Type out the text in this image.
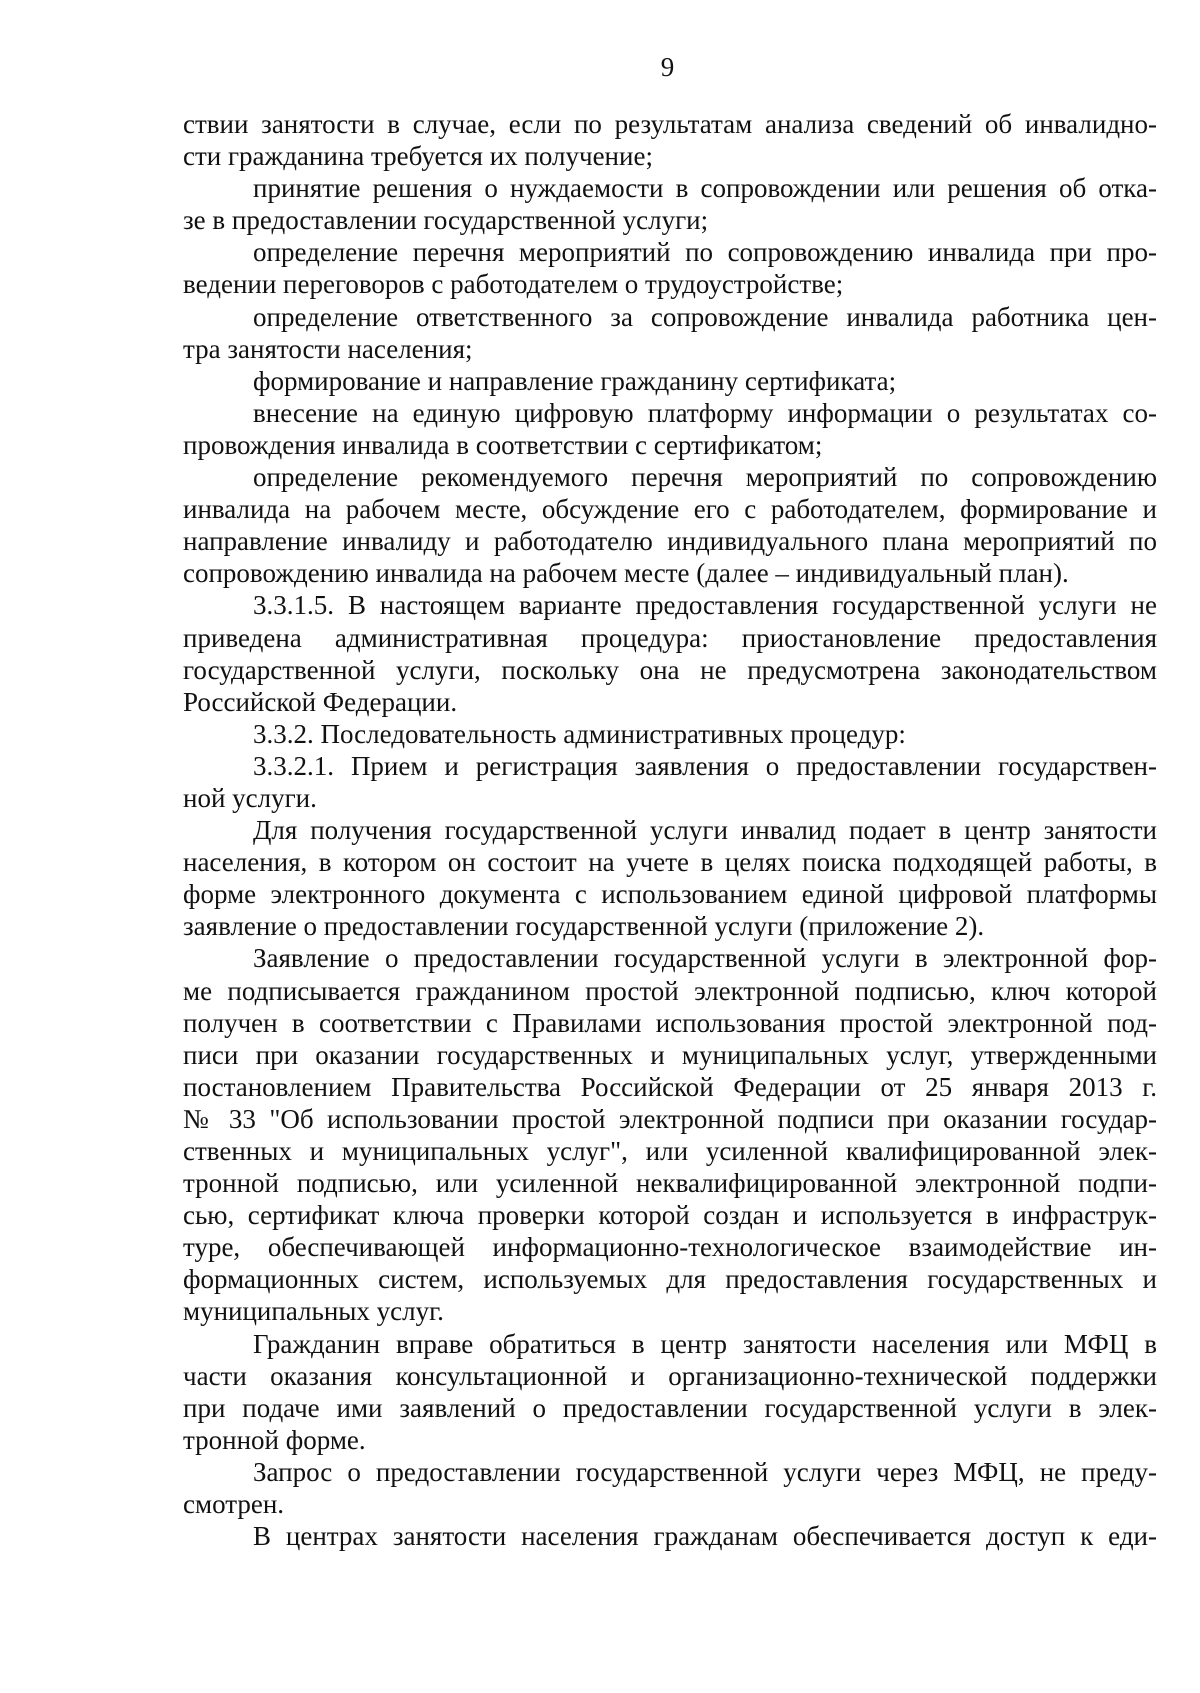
9
ствии занятости в случае, если по результатам анализа сведений об инвалидно-
сти гражданина требуется их получение;
принятие решения о нуждаемости в сопровождении или решения об отка-
зе в предоставлении государственной услуги;
определение перечня мероприятий по сопровождению инвалида при про-
ведении переговоров с работодателем о трудоустройстве;
определение ответственного за сопровождение инвалида работника цен-
тра занятости населения;
формирование и направление гражданину сертификата;
внесение на единую цифровую платформу информации о результатах со-
провождения инвалида в соответствии с сертификатом;
определение рекомендуемого перечня мероприятий по сопровождению
инвалида на рабочем месте, обсуждение его с работодателем, формирование и
направление инвалиду и работодателю индивидуального плана мероприятий по
сопровождению инвалида на рабочем месте (далее – индивидуальный план).
3.3.1.5. В настоящем варианте предоставления государственной услуги не
приведена административная процедура: приостановление предоставления
государственной услуги, поскольку она не предусмотрена законодательством
Российской Федерации.
3.3.2. Последовательность административных процедур:
3.3.2.1. Прием и регистрация заявления о предоставлении государствен-
ной услуги.
Для получения государственной услуги инвалид подает в центр занятости
населения, в котором он состоит на учете в целях поиска подходящей работы, в
форме электронного документа с использованием единой цифровой платформы
заявление о предоставлении государственной услуги (приложение 2).
Заявление о предоставлении государственной услуги в электронной фор-
ме подписывается гражданином простой электронной подписью, ключ которой
получен в соответствии с Правилами использования простой электронной под-
писи при оказании государственных и муниципальных услуг, утвержденными
постановлением Правительства Российской Федерации от 25 января 2013 г.
№ 33 "Об использовании простой электронной подписи при оказании государ-
ственных и муниципальных услуг", или усиленной квалифицированной элек-
тронной подписью, или усиленной неквалифицированной электронной подпи-
сью, сертификат ключа проверки которой создан и используется в инфраструк-
туре, обеспечивающей информационно-технологическое взаимодействие ин-
формационных систем, используемых для предоставления государственных и
муниципальных услуг.
Гражданин вправе обратиться в центр занятости населения или МФЦ в
части оказания консультационной и организационно-технической поддержки
при подаче ими заявлений о предоставлении государственной услуги в элек-
тронной форме.
Запрос о предоставлении государственной услуги через МФЦ, не преду-
смотрен.
В центрах занятости населения гражданам обеспечивается доступ к еди-
